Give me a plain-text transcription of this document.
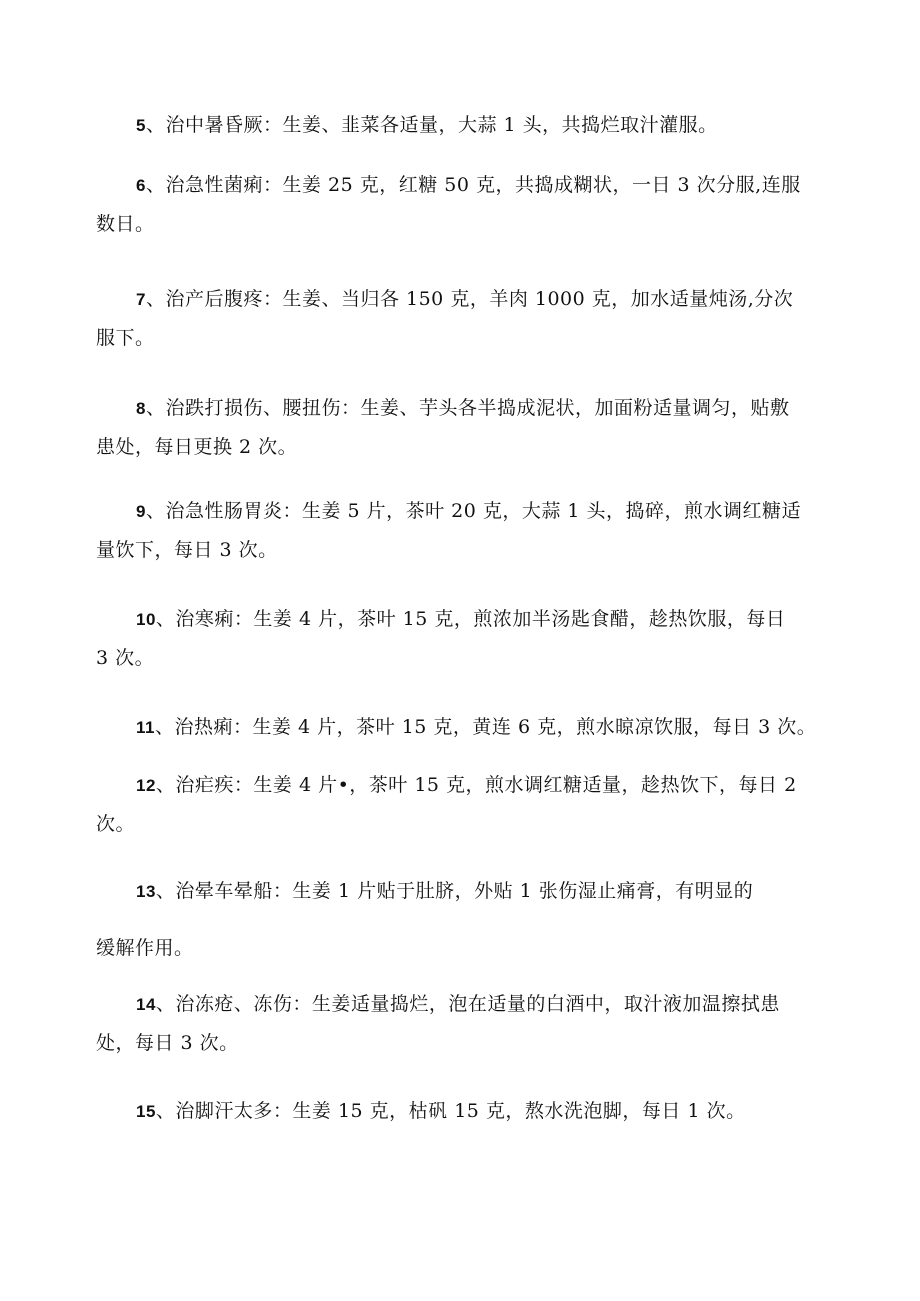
5、治中暑昏厥：生姜、韭菜各适量，大蒜 1 头，共捣烂取汁灌服。
6、治急性菌痢：生姜 25 克，红糖 50 克，共捣成糊状，一日 3 次分服,连服
数日。
7、治产后腹疼：生姜、当归各 150 克，羊肉 1000 克，加水适量炖汤,分次
服下。
8、治跌打损伤、腰扭伤：生姜、芋头各半捣成泥状，加面粉适量调匀，贴敷
患处，每日更换 2 次。
9、治急性肠胃炎：生姜 5 片，茶叶 20 克，大蒜 1 头，捣碎，煎水调红糖适
量饮下，每日 3 次。
10、治寒痢：生姜 4 片，茶叶 15 克，煎浓加半汤匙食醋，趁热饮服，每日
3 次。
11、治热痢：生姜 4 片，茶叶 15 克，黄连 6 克，煎水晾凉饮服，每日 3 次。
12、治疟疾：生姜 4 片•，茶叶 15 克，煎水调红糖适量，趁热饮下，每日 2
次。
13、治晕车晕船：生姜 1 片贴于肚脐，外贴 1 张伤湿止痛膏，有明显的
缓解作用。
14、治冻疮、冻伤：生姜适量捣烂，泡在适量的白酒中，取汁液加温擦拭患
处，每日 3 次。
15、治脚汗太多：生姜 15 克，枯矾 15 克，熬水洗泡脚，每日 1 次。
